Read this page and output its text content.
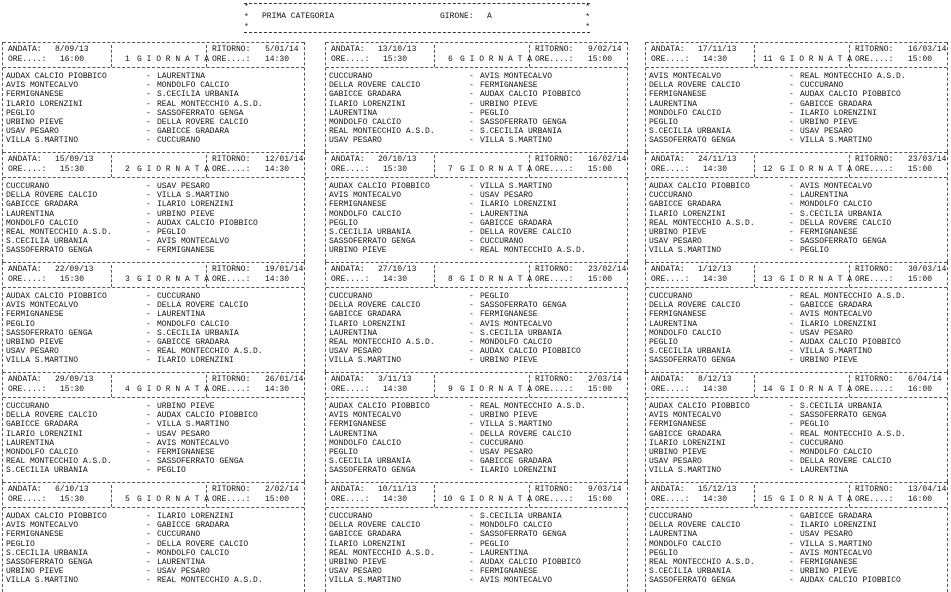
*
*
*
PRIMA CATEGORIA	GIRONE: A
*
*
*
ANDATA: 8/09/13	RITORNO: 5/01/14
ORE....: 16:00	1 G I O R N A T A ORE....: 14:30
AUDAX CALCIO PIOBBICO	- LAURENTINA
AVIS MONTECALVO	- MONDOLFO CALCIO
FERMIGNANESE	- S.CECILIA URBANIA
ILARIO LORENZINI	- REAL MONTECCHIO A.S.D.
PEGLIO	- SASSOFERRATO GENGA
URBINO PIEVE	- DELLA ROVERE CALCIO
USAV PESARO	- GABICCE GRADARA
VILLA S.MARTINO	- CUCCURANO
ANDATA: 15/09/13	RITORNO: 12/01/14
ORE....: 15:30	2 G I O R N A T A ORE....: 14:30
CUCCURANO	- USAV PESARO
DELLA ROVERE CALCIO	- VILLA S.MARTINO
GABICCE GRADARA	- ILARIO LORENZINI
LAURENTINA	- URBINO PIEVE
MONDOLFO CALCIO	- AUDAX CALCIO PIOBBICO
REAL MONTECCHIO A.S.D.	- PEGLIO
S.CECILIA URBANIA	- AVIS MONTECALVO
SASSOFERRATO GENGA	- FERMIGNANESE
ANDATA: 22/09/13	RITORNO: 19/01/14
ORE....: 15:30	3 G I O R N A T A ORE....: 14:30
AUDAX CALCIO PIOBBICO	- CUCCURANO
AVIS MONTECALVO	- DELLA ROVERE CALCIO
FERMIGNANESE	- LAURENTINA
PEGLIO	- MONDOLFO CALCIO
SASSOFERRATO GENGA	- S.CECILIA URBANIA
URBINO PIEVE	- GABICCE GRADARA
USAV PESARO	- REAL MONTECCHIO A.S.D.
VILLA S.MARTINO	- ILARIO LORENZINI
ANDATA: 29/09/13	RITORNO: 26/01/14
ORE....: 15:30	4 G I O R N A T A ORE....: 14:30
CUCCURANO	- URBINO PIEVE
DELLA ROVERE CALCIO	- AUDAX CALCIO PIOBBICO
GABICCE GRADARA	- VILLA S.MARTINO
ILARIO LORENZINI	- USAV PESARO
LAURENTINA	- AVIS MONTECALVO
MONDOLFO CALCIO	- FERMIGNANESE
REAL MONTECCHIO A.S.D.	- SASSOFERRATO GENGA
S.CECILIA URBANIA	- PEGLIO
ANDATA: 6/10/13	RITORNO: 2/02/14
ORE....: 15:30	5 G I O R N A T A ORE....: 15:00
AUDAX CALCIO PIOBBICO	- ILARIO LORENZINI
AVIS MONTECALVO	- GABICCE GRADARA
FERMIGNANESE	- CUCCURANO
PEGLIO	- DELLA ROVERE CALCIO
S.CECILIA URBANIA	- MONDOLFO CALCIO
SASSOFERRATO GENGA	- LAURENTINA
URBINO PIEVE	- USAV PESARO
VILLA S.MARTINO	- REAL MONTECCHIO A.S.D.
ANDATA: 13/10/13	RITORNO: 9/02/14
ORE....: 15:30	6 G I O R N A T A ORE....: 15:00
CUCCURANO	- AVIS MONTECALVO
DELLA ROVERE CALCIO	- FERMIGNANESE
GABICCE GRADARA	- AUDAX CALCIO PIOBBICO
ILARIO LORENZINI	- URBINO PIEVE
LAURENTINA	- PEGLIO
MONDOLFO CALCIO	- SASSOFERRATO GENGA
REAL MONTECCHIO A.S.D.	- S.CECILIA URBANIA
USAV PESARO	- VILLA S.MARTINO
ANDATA: 20/10/13	RITORNO: 16/02/14
ORE....: 15:30	7 G I O R N A T A ORE....: 15:00
AUDAX CALCIO PIOBBICO	- VILLA S.MARTINO
AVIS MONTECALVO	- USAV PESARO
FERMIGNANESE	- ILARIO LORENZINI
MONDOLFO CALCIO	- LAURENTINA
PEGLIO	- GABICCE GRADARA
S.CECILIA URBANIA	- DELLA ROVERE CALCIO
SASSOFERRATO GENGA	- CUCCURANO
URBINO PIEVE	- REAL MONTECCHIO A.S.D.
ANDATA: 27/10/13	RITORNO: 23/02/14
ORE....: 14:30	8 G I O R N A T A ORE....: 15:00
CUCCURANO	- PEGLIO
DELLA ROVERE CALCIO	- SASSOFERRATO GENGA
GABICCE GRADARA	- FERMIGNANESE
ILARIO LORENZINI	- AVIS MONTECALVO
LAURENTINA	- S.CECILIA URBANIA
REAL MONTECCHIO A.S.D.	- MONDOLFO CALCIO
USAV PESARO	- AUDAX CALCIO PIOBBICO
VILLA S.MARTINO	- URBINO PIEVE
ANDATA: 3/11/13	RITORNO: 2/03/14
ORE....: 14:30	9 G I O R N A T A ORE....: 15:00
AUDAX CALCIO PIOBBICO	- REAL MONTECCHIO A.S.D.
AVIS MONTECALVO	- URBINO PIEVE
FERMIGNANESE	- VILLA S.MARTINO
LAURENTINA	- DELLA ROVERE CALCIO
MONDOLFO CALCIO	- CUCCURANO
PEGLIO	- USAV PESARO
S.CECILIA URBANIA	- GABICCE GRADARA
SASSOFERRATO GENGA	- ILARIO LORENZINI
ANDATA: 10/11/13	RITORNO: 9/03/14
ORE....: 14:30	10 G I O R N A T A ORE....: 15:00
CUCCURANO	- S.CECILIA URBANIA
DELLA ROVERE CALCIO	- MONDOLFO CALCIO
GABICCE GRADARA	- SASSOFERRATO GENGA
ILARIO LORENZINI	- PEGLIO
REAL MONTECCHIO A.S.D.	- LAURENTINA
URBINO PIEVE	- AUDAX CALCIO PIOBBICO
USAV PESARO	- FERMIGNANESE
VILLA S.MARTINO	- AVIS MONTECALVO
ANDATA: 17/11/13	RITORNO: 16/03/14
ORE....: 14:30	11 G I O R N A T A ORE....: 15:00
AVIS MONTECALVO	- REAL MONTECCHIO A.S.D.
DELLA ROVERE CALCIO	- CUCCURANO
FERMIGNANESE	- AUDAX CALCIO PIOBBICO
LAURENTINA	- GABICCE GRADARA
MONDOLFO CALCIO	- ILARIO LORENZINI
PEGLIO	- URBINO PIEVE
S.CECILIA URBANIA	- USAV PESARO
SASSOFERRATO GENGA	- VILLA S.MARTINO
ANDATA: 24/11/13	RITORNO: 23/03/14
ORE....: 14:30	12 G I O R N A T A ORE....: 15:00
AUDAX CALCIO PIOBBICO	- AVIS MONTECALVO
CUCCURANO	- LAURENTINA
GABICCE GRADARA	- MONDOLFO CALCIO
ILARIO LORENZINI	- S.CECILIA URBANIA
REAL MONTECCHIO A.S.D.	- DELLA ROVERE CALCIO
URBINO PIEVE	- FERMIGNANESE
USAV PESARO	- SASSOFERRATO GENGA
VILLA S.MARTINO	- PEGLIO
ANDATA: 1/12/13	RITORNO: 30/03/14
ORE....: 14:30	13 G I O R N A T A ORE....: 15:00
CUCCURANO	- REAL MONTECCHIO A.S.D.
DELLA ROVERE CALCIO	- GABICCE GRADARA
FERMIGNANESE	- AVIS MONTECALVO
LAURENTINA	- ILARIO LORENZINI
MONDOLFO CALCIO	- USAV PESARO
PEGLIO	- AUDAX CALCIO PIOBBICO
S.CECILIA URBANIA	- VILLA S.MARTINO
SASSOFERRATO GENGA	- URBINO PIEVE
ANDATA: 8/12/13	RITORNO: 6/04/14
ORE....: 14:30	14 G I O R N A T A ORE....: 16:00
AUDAX CALCIO PIOBBICO	- S.CECILIA URBANIA
AVIS MONTECALVO	- SASSOFERRATO GENGA
FERMIGNANESE	- PEGLIO
GABICCE GRADARA	- REAL MONTECCHIO A.S.D.
ILARIO LORENZINI	- CUCCURANO
URBINO PIEVE	- MONDOLFO CALCIO
USAV PESARO	- DELLA ROVERE CALCIO
VILLA S.MARTINO	- LAURENTINA
ANDATA: 15/12/13	RITORNO: 13/04/14
ORE....: 14:30	15 G I O R N A T A ORE....: 16:00
CUCCURANO	- GABICCE GRADARA
DELLA ROVERE CALCIO	- ILARIO LORENZINI
LAURENTINA	- USAV PESARO
MONDOLFO CALCIO	- VILLA S.MARTINO
PEGLIO	- AVIS MONTECALVO
REAL MONTECCHIO A.S.D.	- FERMIGNANESE
S.CECILIA URBANIA	- URBINO PIEVE
SASSOFERRATO GENGA	- AUDAX CALCIO PIOBBICO
